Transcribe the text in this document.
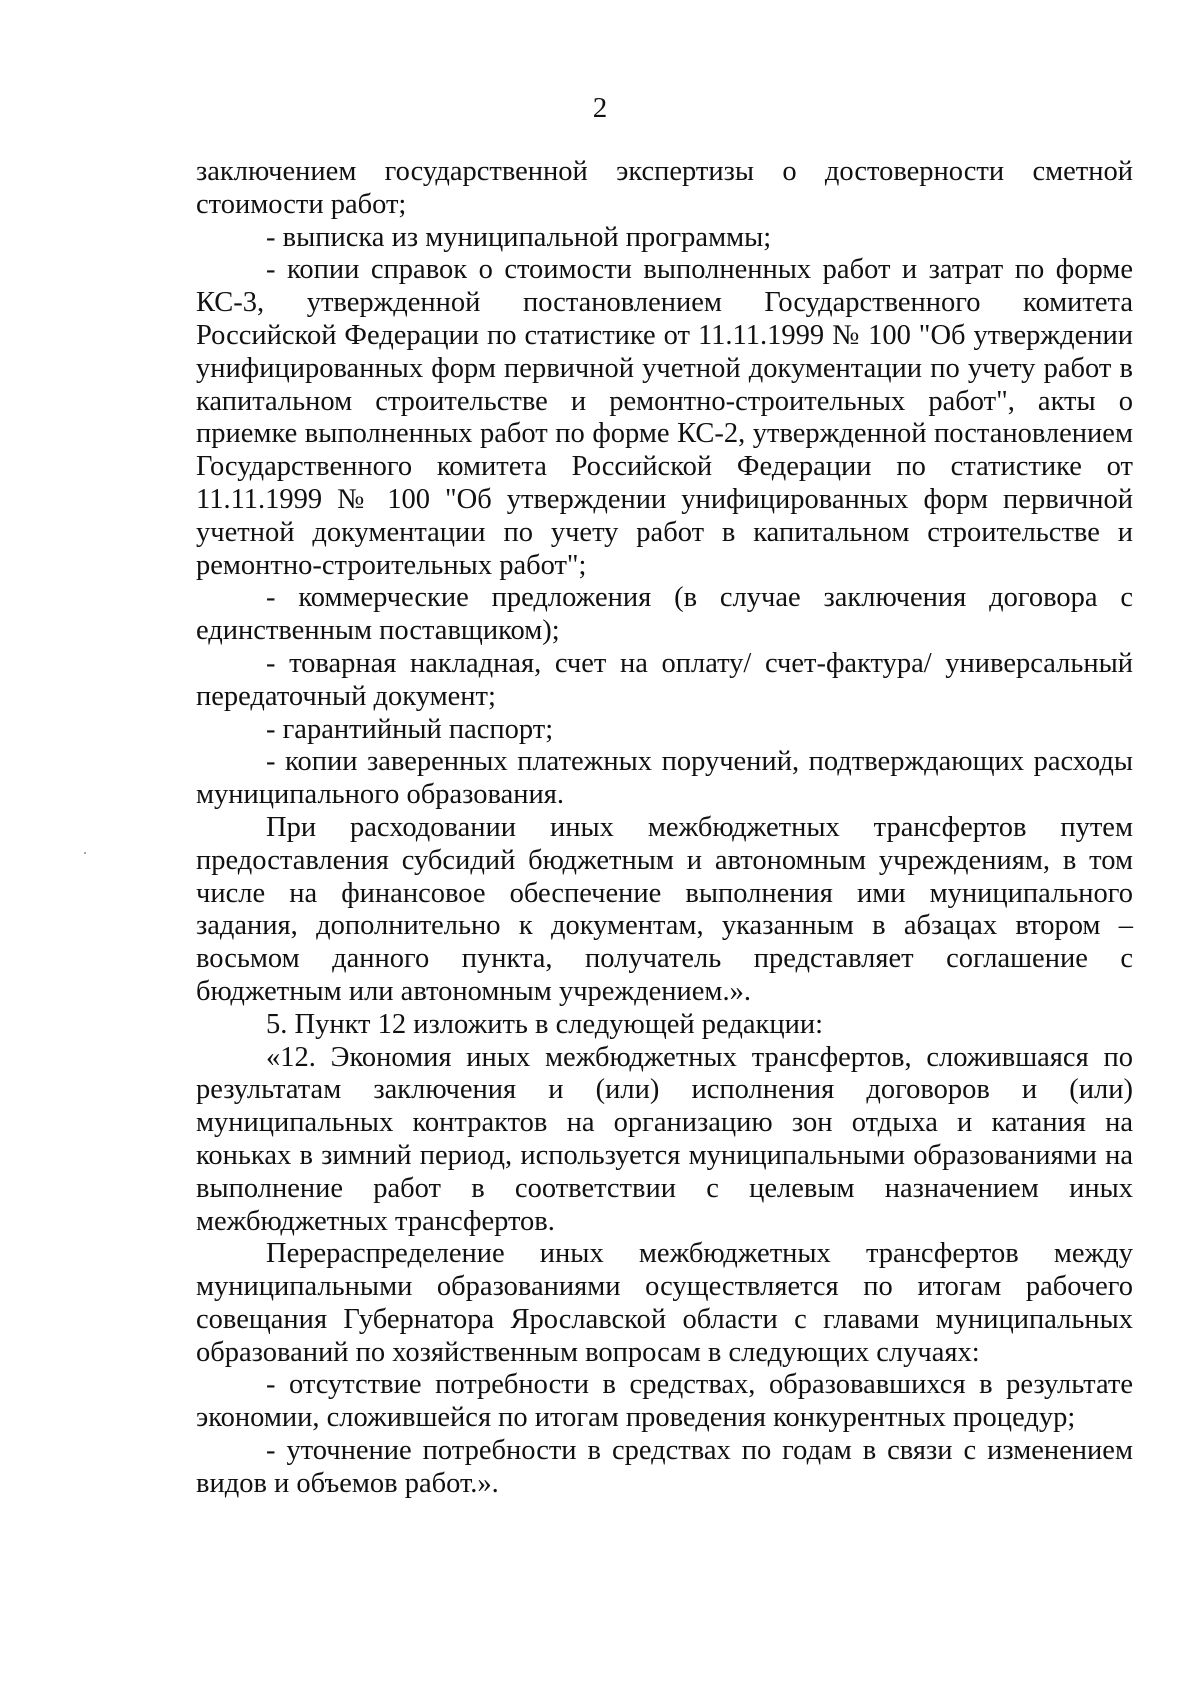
2

заключением государственной экспертизы о достоверности сметной стоимости работ;

- выписка из муниципальной программы;

- копии справок о стоимости выполненных работ и затрат по форме КС-3, утвержденной постановлением Государственного комитета Российской Федерации по статистике от 11.11.1999 № 100 "Об утверждении унифицированных форм первичной учетной документации по учету работ в капитальном строительстве и ремонтно-строительных работ", акты о приемке выполненных работ по форме КС-2, утвержденной постановлением Государственного комитета Российской Федерации по статистике от 11.11.1999 № 100 "Об утверждении унифицированных форм первичной учетной документации по учету работ в капитальном строительстве и ремонтно-строительных работ";

- коммерческие предложения (в случае заключения договора с единственным поставщиком);

- товарная накладная, счет на оплату/ счет-фактура/ универсальный передаточный документ;

- гарантийный паспорт;

- копии заверенных платежных поручений, подтверждающих расходы муниципального образования.

При расходовании иных межбюджетных трансфертов путем предоставления субсидий бюджетным и автономным учреждениям, в том числе на финансовое обеспечение выполнения ими муниципального задания, дополнительно к документам, указанным в абзацах втором – восьмом данного пункта, получатель представляет соглашение с бюджетным или автономным учреждением.».

5. Пункт 12 изложить в следующей редакции:

«12. Экономия иных межбюджетных трансфертов, сложившаяся по результатам заключения и (или) исполнения договоров и (или) муниципальных контрактов на организацию зон отдыха и катания на коньках в зимний период, используется муниципальными образованиями на выполнение работ в соответствии с целевым назначением иных межбюджетных трансфертов.

Перераспределение иных межбюджетных трансфертов между муниципальными образованиями осуществляется по итогам рабочего совещания Губернатора Ярославской области с главами муниципальных образований по хозяйственным вопросам в следующих случаях:

- отсутствие потребности в средствах, образовавшихся в результате экономии, сложившейся по итогам проведения конкурентных процедур;

- уточнение потребности в средствах по годам в связи с изменением видов и объемов работ.».
